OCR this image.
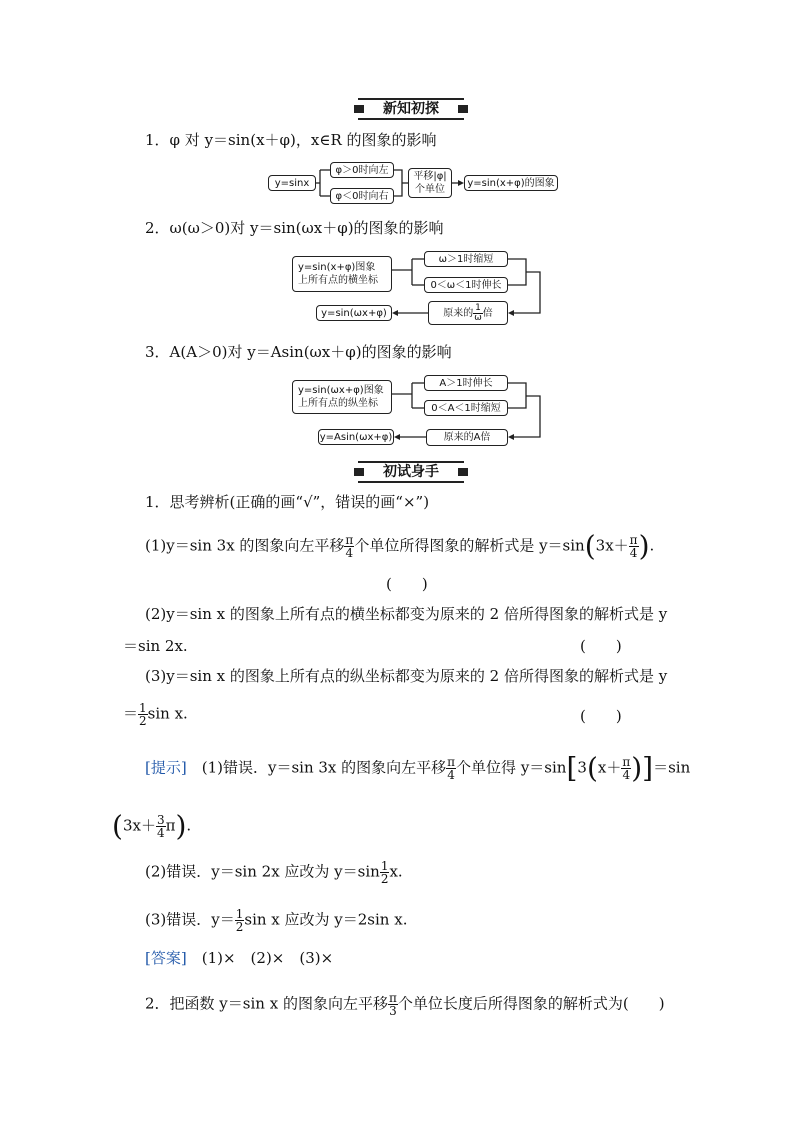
新知初探
1．φ 对 y＝sin(x＋φ)，x∈R 的图象的影响
y=sinx
φ＞0时向左
φ＜0时向右
平移|φ|
个单位
y=sin(x+φ)的图象
2．ω(ω＞0)对 y＝sin(ωx＋φ)的图象的影响
y=sin(x+φ)图象
上所有点的横坐标
ω＞1时缩短
0＜ω＜1时伸长
原来的 $\frac{1}{\omega}$ 倍
y=sin(ωx+φ)
3．A(A＞0)对 y＝Asin(ωx＋φ)的图象的影响
y=sin(ωx+φ)图象
上所有点的纵坐标
A＞1时伸长
0＜A＜1时缩短
原来的A倍
y=Asin(ωx+φ)
初试身手
1．思考辨析(正确的画“√”，错误的画“×”)
(1)y＝sin 3x 的图象向左平移 $\frac{\pi}{4}$ 个单位所得图象的解析式是 $y=\sin(3x+ \frac{\pi}{4}$ ).
(　　)
(2)y＝sin x 的图象上所有点的横坐标都变为原来的 2 倍所得图象的解析式是 y
＝sin 2x.	(　　)
(3)y＝sin x 的图象上所有点的纵坐标都变为原来的 2 倍所得图象的解析式是 y
＝ $\frac{1}{2}$ sin x.	(　　)
[提示]　 (1)错误．y＝sin 3x 的图象向左平移 $\frac{\pi}{4}$ 个单位得 $y=\sin[3(x+ \frac{\pi}{4} )]=\sin$
$(3x+ \frac{3}{4} \pi)$.
(2)错误．y＝sin 2x 应改为 $y=\sin \frac{1}{2} x$.
(3)错误．$y= \frac{1}{2}$ sin x 应改为 y＝2sin x.
[答案]　 (1)×　(2)×　(3)×
2．把函数 y＝sin x 的图象向左平移 $\frac{\pi}{3}$ 个单位长度后所得图象的解析式为(　　)
